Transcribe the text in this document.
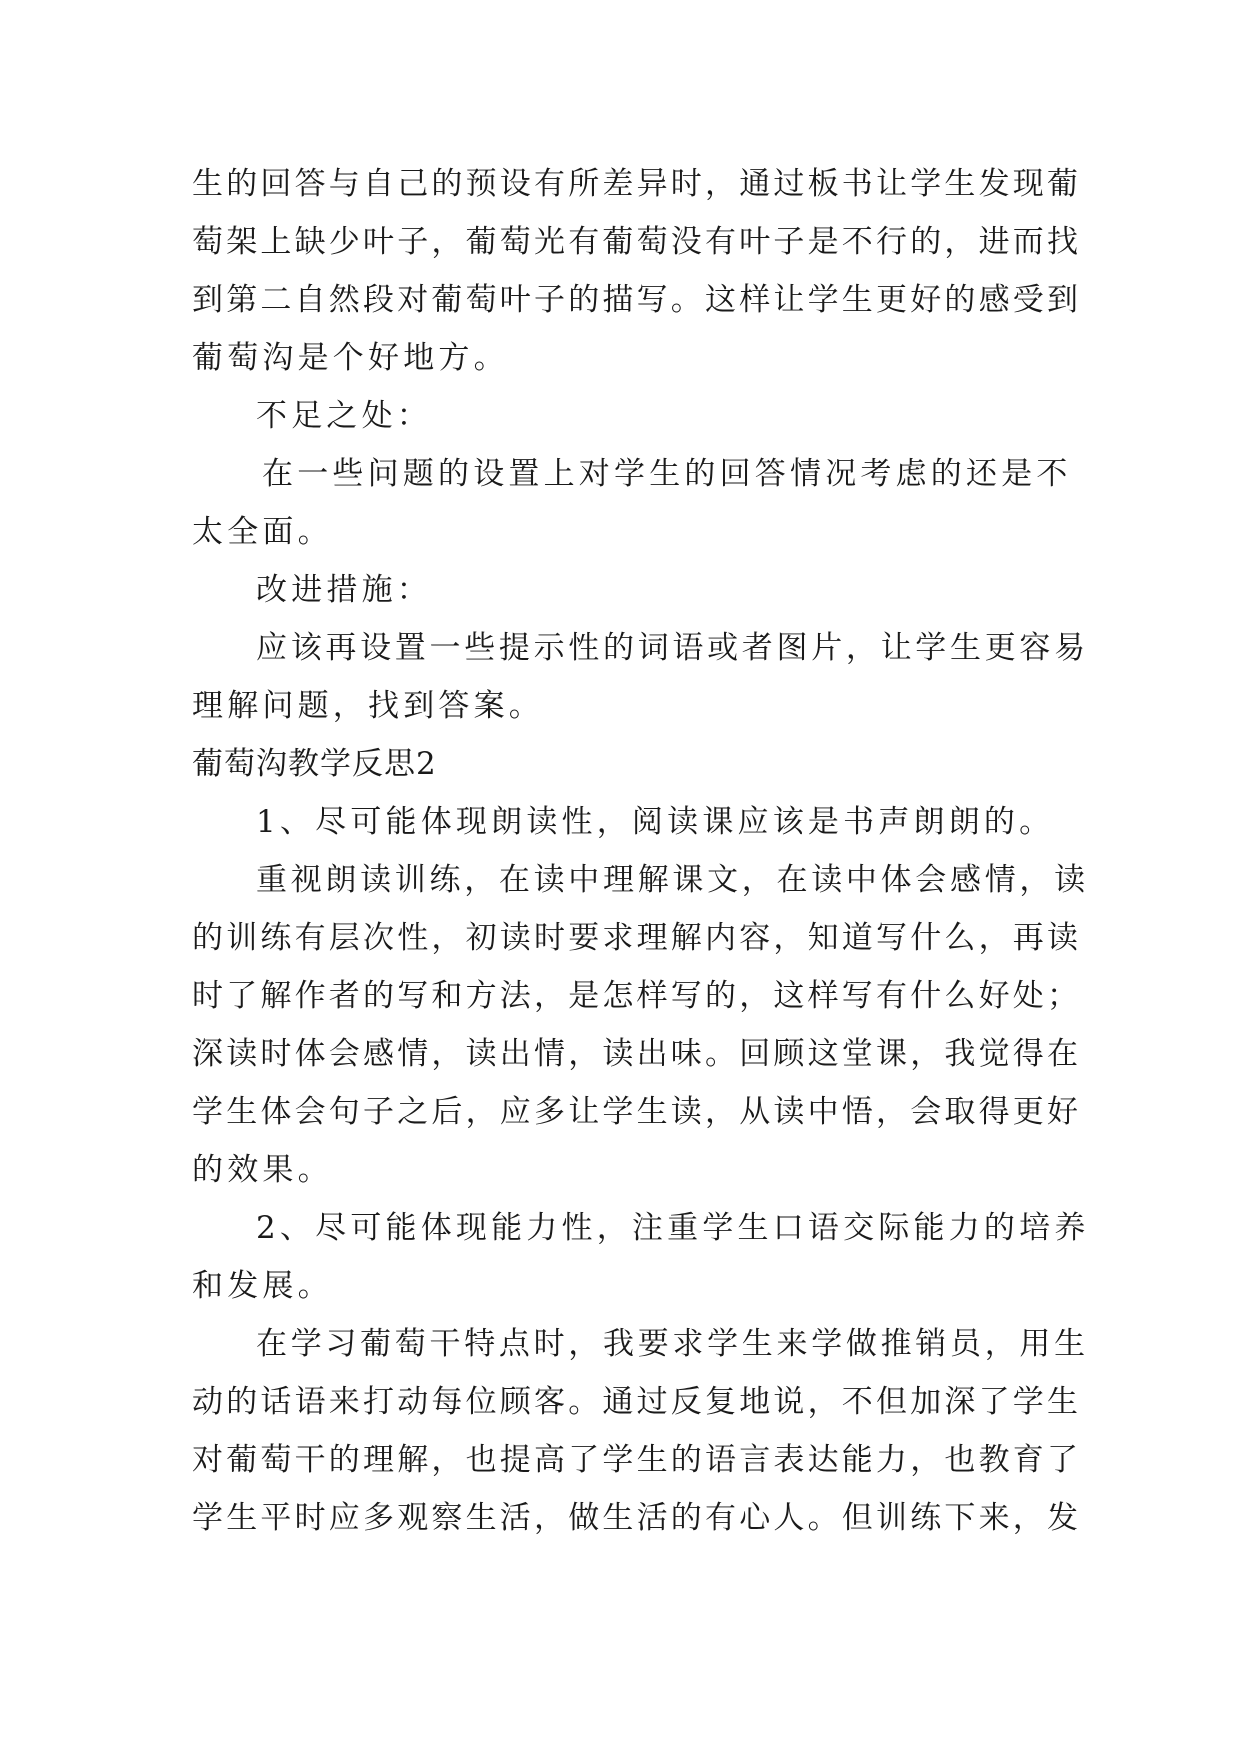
生的回答与自己的预设有所差异时，通过板书让学生发现葡
萄架上缺少叶子，葡萄光有葡萄没有叶子是不行的，进而找
到第二自然段对葡萄叶子的描写。这样让学生更好的感受到
葡萄沟是个好地方。
不足之处：
在一些问题的设置上对学生的回答情况考虑的还是不
太全面。
改进措施：
应该再设置一些提示性的词语或者图片，让学生更容易
理解问题，找到答案。
葡萄沟教学反思2
1、尽可能体现朗读性，阅读课应该是书声朗朗的。
重视朗读训练，在读中理解课文，在读中体会感情，读
的训练有层次性，初读时要求理解内容，知道写什么，再读
时了解作者的写和方法，是怎样写的，这样写有什么好处；
深读时体会感情，读出情，读出味。回顾这堂课，我觉得在
学生体会句子之后，应多让学生读，从读中悟，会取得更好
的效果。
2、尽可能体现能力性，注重学生口语交际能力的培养
和发展。
在学习葡萄干特点时，我要求学生来学做推销员，用生
动的话语来打动每位顾客。通过反复地说，不但加深了学生
对葡萄干的理解，也提高了学生的语言表达能力，也教育了
学生平时应多观察生活，做生活的有心人。但训练下来，发
